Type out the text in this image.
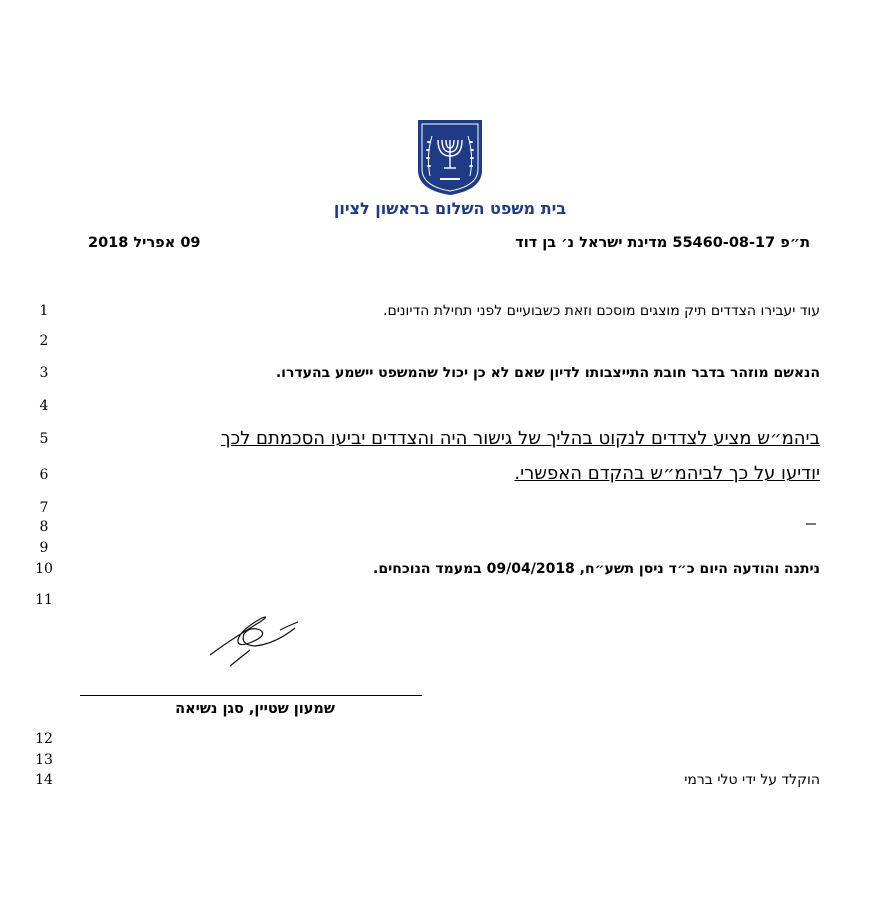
בית משפט השלום בראשון לציון
ת״פ 55460-08-17 מדינת ישראל נ׳ בן דוד
09 אפריל 2018
1
2
3
4
5
6
7
8
9
10
11
12
13
14
עוד יעבירו הצדדים תיק מוצגים מוסכם וזאת כשבועיים לפני תחילת הדיונים.
הנאשם מוזהר בדבר חובת התייצבותו לדיון שאם לא כן יכול שהמשפט יישמע בהעדרו.
ביהמ״ש מציע לצדדים לנקוט בהליך של גישור היה והצדדים יביעו הסכמתם לכך
יודיעו על כך לביהמ״ש בהקדם האפשרי.
ניתנה והודעה היום כ״ד ניסן תשע״ח, 09/04/2018 במעמד הנוכחים.
שמעון שטיין, סגן נשיאה
הוקלד על ידי טלי ברמי
